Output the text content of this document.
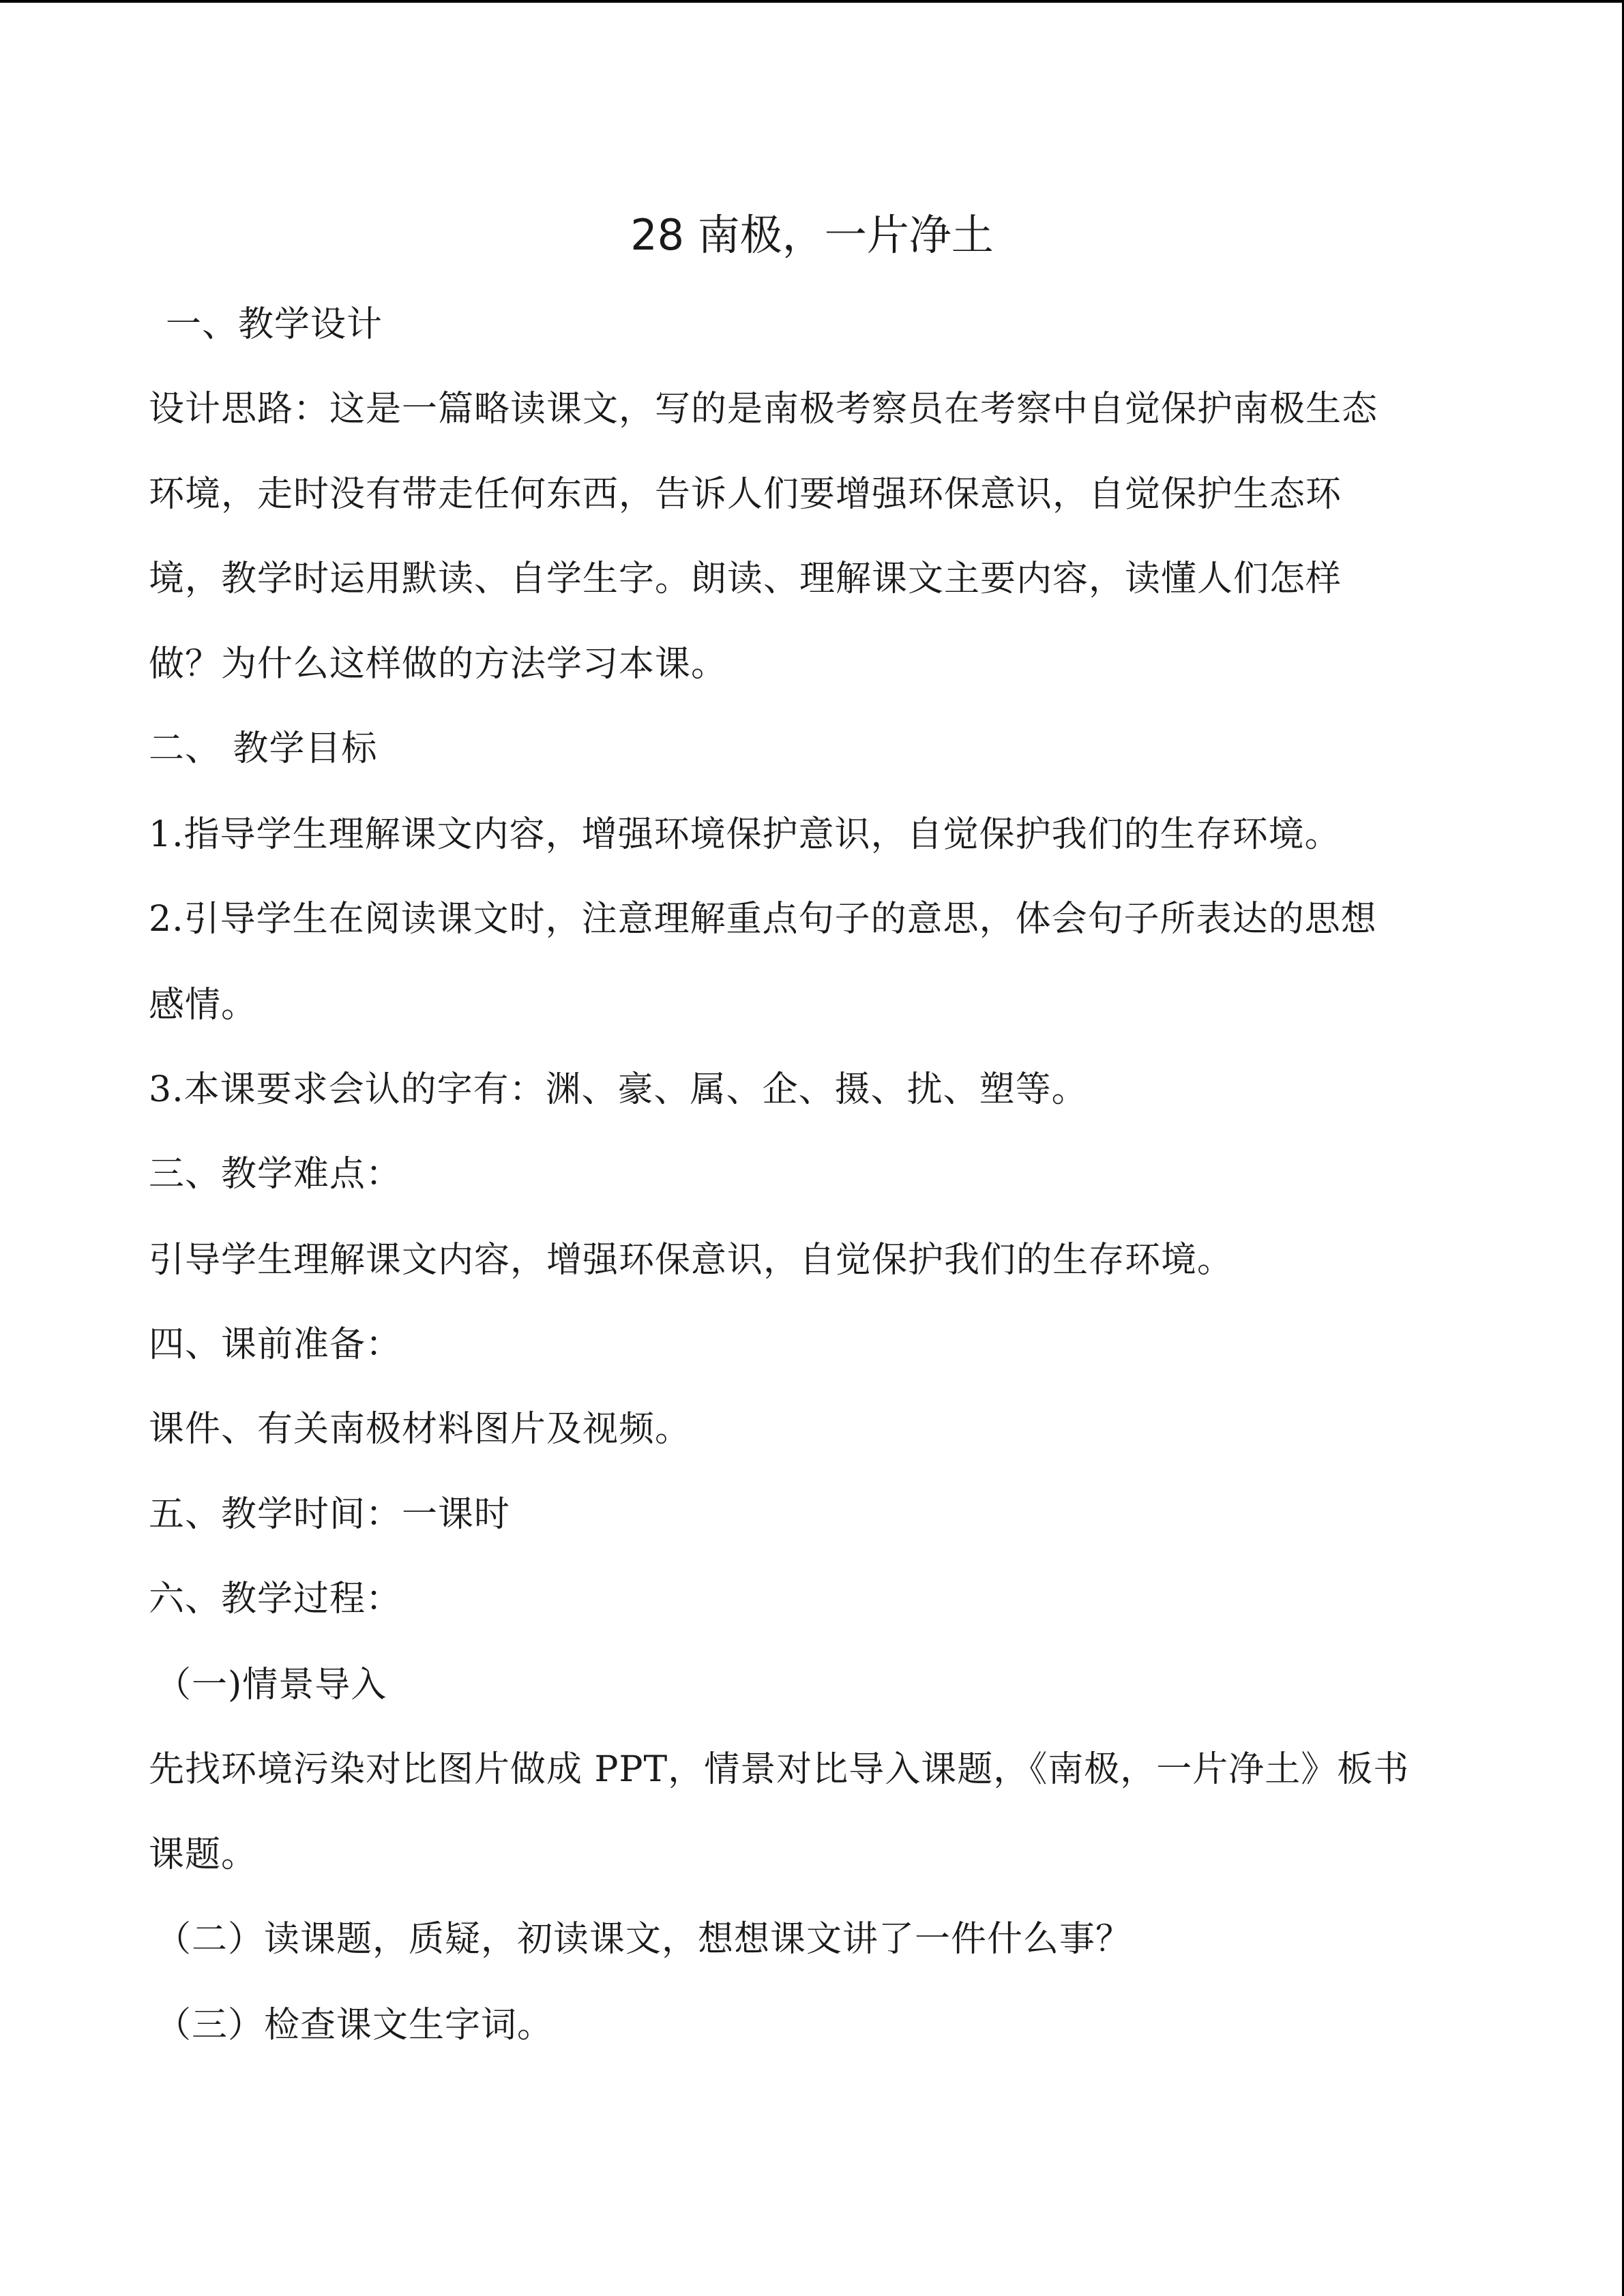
28 南极，一片净土
一、教学设计
设计思路：这是一篇略读课文，写的是南极考察员在考察中自觉保护南极生态
环境，走时没有带走任何东西，告诉人们要增强环保意识，自觉保护生态环
境，教学时运用默读、自学生字。朗读、理解课文主要内容，读懂人们怎样
做？为什么这样做的方法学习本课。
二、 教学目标
1.指导学生理解课文内容，增强环境保护意识，自觉保护我们的生存环境。
2.引导学生在阅读课文时，注意理解重点句子的意思，体会句子所表达的思想
感情。
3.本课要求会认的字有：渊、豪、属、企、摄、扰、塑等。
三、教学难点：
引导学生理解课文内容，增强环保意识，自觉保护我们的生存环境。
四、课前准备：
课件、有关南极材料图片及视频。
五、教学时间：一课时
六、教学过程：
（一)情景导入
先找环境污染对比图片做成 PPT，情景对比导入课题，《南极，一片净土》板书
课题。
（二）读课题，质疑，初读课文，想想课文讲了一件什么事？
（三）检查课文生字词。
